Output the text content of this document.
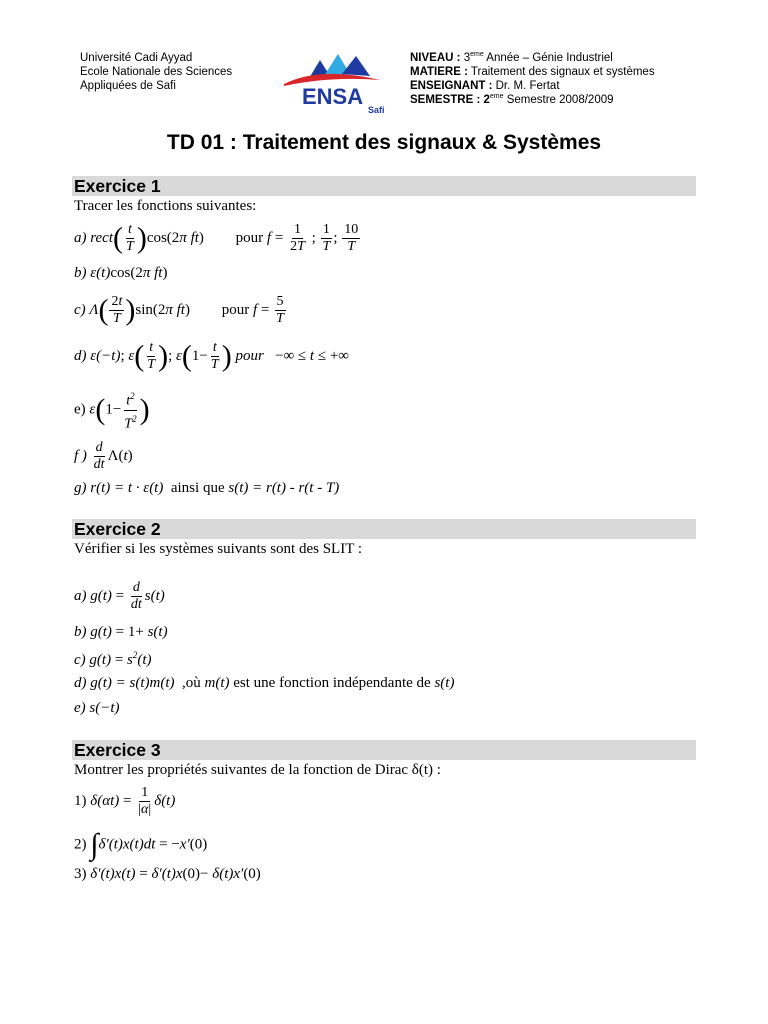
Université Cadi Ayyad
Ecole Nationale des Sciences
Appliquées de Safi	ENSA
Safi
NIVEAU : 3eme Année – Génie Industriel
MATIERE : Traitement des signaux et systèmes
ENSEIGNANT : Dr. M. Fertat
SEMESTRE : 2eme Semestre 2008/2009
TD 01 : Traitement des signaux & Systèmes
Exercice 1
Tracer les fonctions suivantes:
a) rect( $\frac{t}{T} )\cos(2\pi$ ft) pour $f = \frac{1}{2T}$ ; $\frac{1}{T}$ ; $\frac{10}{T}$
b) ε(t)cos(2π ft)
c) $\Lambda( \frac{2t}{T} )\sin(2\pi$ ft) pour $f = \frac{5}{T}$
d) ε(−t); $\varepsilon( \frac{t}{T}$ ); $\varepsilon(1- \frac{t}{T}$ ) pour   −∞ ≤ t ≤ +∞
e) $\varepsilon(1- \frac{t^2}{T^2}$ )
f ) $\frac{d}{dt} \Lambda(t)$
g) r(t) = t · ε(t) ainsi que s(t) = r(t) - r(t - T)
Exercice 2
Vérifier si les systèmes suivants sont des SLIT :
a) $g(t) = \frac{d}{dt} s(t)$
b) g(t) = 1+ s(t)
c) $g(t) = s^2(t)$
d) g(t) = s(t)m(t) ,où m(t) est une fonction indépendante de s(t)
e) s(−t)
Exercice 3
Montrer les propriétés suivantes de la fonction de Dirac δ(t) :
1) $\delta(\alpha t) = \frac{1}{|\alpha|} \delta(t)$
2) ∫δ′(t)x(t)dt = −x′(0)
3) δ′(t)x(t) = δ′(t)x(0)− δ(t)x′(0)
